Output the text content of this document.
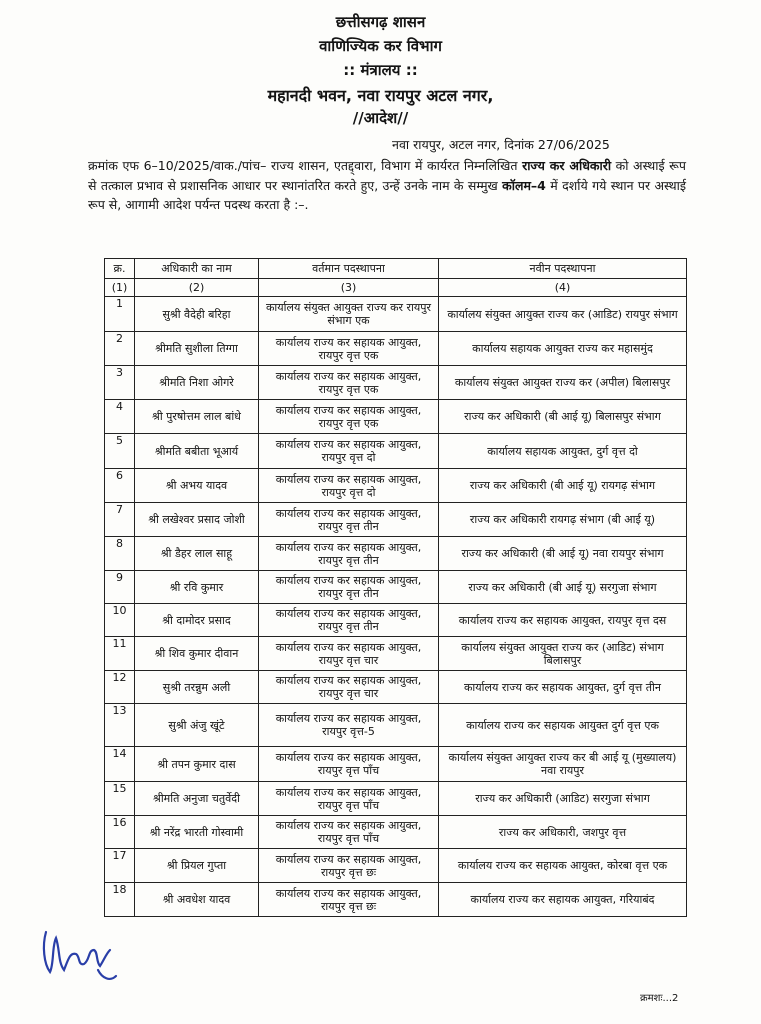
छत्तीसगढ़ शासन
वाणिज्यिक कर विभाग
:: मंत्रालय ::
महानदी भवन, नवा रायपुर अटल नगर,
//आदेश//
नवा रायपुर, अटल नगर, दिनांक 27/06/2025
क्रमांक एफ 6–10/2025/वाक./पांच– राज्य शासन, एतद्द्वारा, विभाग में कार्यरत निम्नलिखित राज्य कर अधिकारी को अस्थाई रूप से तत्काल प्रभाव से प्रशासनिक आधार पर स्थानांतरित करते हुए, उन्हें उनके नाम के सम्मुख कॉलम–4 में दर्शाये गये स्थान पर अस्थाई रूप से, आगामी आदेश पर्यन्त पदस्थ करता है :–.
क्र.	अधिकारी का नाम	वर्तमान पदस्थापना	नवीन पदस्थापना
(1)	(2)	(3)	(4)
1	सुश्री वैदेही बरिहा	कार्यालय संयुक्त आयुक्त राज्य कर रायपुर संभाग एक	कार्यालय संयुक्त आयुक्त राज्य कर (आडिट) रायपुर संभाग
2	श्रीमति सुशीला तिग्गा	कार्यालय राज्य कर सहायक आयुक्त, रायपुर वृत्त एक	कार्यालय सहायक आयुक्त राज्य कर महासमुंद
3	श्रीमति निशा ओगरे	कार्यालय राज्य कर सहायक आयुक्त, रायपुर वृत्त एक	कार्यालय संयुक्त आयुक्त राज्य कर (अपील) बिलासपुर
4	श्री पुरषोत्तम लाल बांधे	कार्यालय राज्य कर सहायक आयुक्त, रायपुर वृत्त एक	राज्य कर अधिकारी (बी आई यू) बिलासपुर संभाग
5	श्रीमति बबीता भूआर्य	कार्यालय राज्य कर सहायक आयुक्त, रायपुर वृत्त दो	कार्यालय सहायक आयुक्त, दुर्ग वृत्त दो
6	श्री अभय यादव	कार्यालय राज्य कर सहायक आयुक्त, रायपुर वृत्त दो	राज्य कर अधिकारी (बी आई यू) रायगढ़ संभाग
7	श्री लखेश्वर प्रसाद जोशी	कार्यालय राज्य कर सहायक आयुक्त, रायपुर वृत्त तीन	राज्य कर अधिकारी रायगढ़ संभाग (बी आई यू)
8	श्री डैहर लाल साहू	कार्यालय राज्य कर सहायक आयुक्त, रायपुर वृत्त तीन	राज्य कर अधिकारी (बी आई यू) नवा रायपुर संभाग
9	श्री रवि कुमार	कार्यालय राज्य कर सहायक आयुक्त, रायपुर वृत्त तीन	राज्य कर अधिकारी (बी आई यू) सरगुजा संभाग
10	श्री दामोदर प्रसाद	कार्यालय राज्य कर सहायक आयुक्त, रायपुर वृत्त तीन	कार्यालय राज्य कर सहायक आयुक्त, रायपुर वृत्त दस
11	श्री शिव कुमार दीवान	कार्यालय राज्य कर सहायक आयुक्त, रायपुर वृत्त चार	कार्यालय संयुक्त आयुक्त राज्य कर (आडिट) संभाग बिलासपुर
12	सुश्री तरन्नुम अली	कार्यालय राज्य कर सहायक आयुक्त, रायपुर वृत्त चार	कार्यालय राज्य कर सहायक आयुक्त, दुर्ग वृत्त तीन
13	सुश्री अंजु खूंटे	कार्यालय राज्य कर सहायक आयुक्त, रायपुर वृत्त-5	कार्यालय राज्य कर सहायक आयुक्त दुर्ग वृत्त एक
14	श्री तपन कुमार दास	कार्यालय राज्य कर सहायक आयुक्त, रायपुर वृत्त पाँच	कार्यालय संयुक्त आयुक्त राज्य कर बी आई यू (मुख्यालय) नवा रायपुर
15	श्रीमति अनुजा चतुर्वेदी	कार्यालय राज्य कर सहायक आयुक्त, रायपुर वृत्त पाँच	राज्य कर अधिकारी (आडिट) सरगुजा संभाग
16	श्री नरेंद्र भारती गोस्वामी	कार्यालय राज्य कर सहायक आयुक्त, रायपुर वृत्त पाँच	राज्य कर अधिकारी, जशपुर वृत्त
17	श्री प्रियल गुप्ता	कार्यालय राज्य कर सहायक आयुक्त, रायपुर वृत्त छः	कार्यालय राज्य कर सहायक आयुक्त, कोरबा वृत्त एक
18	श्री अवधेश यादव	कार्यालय राज्य कर सहायक आयुक्त, रायपुर वृत्त छः	कार्यालय राज्य कर सहायक आयुक्त, गरियाबंद
क्रमशः...2
